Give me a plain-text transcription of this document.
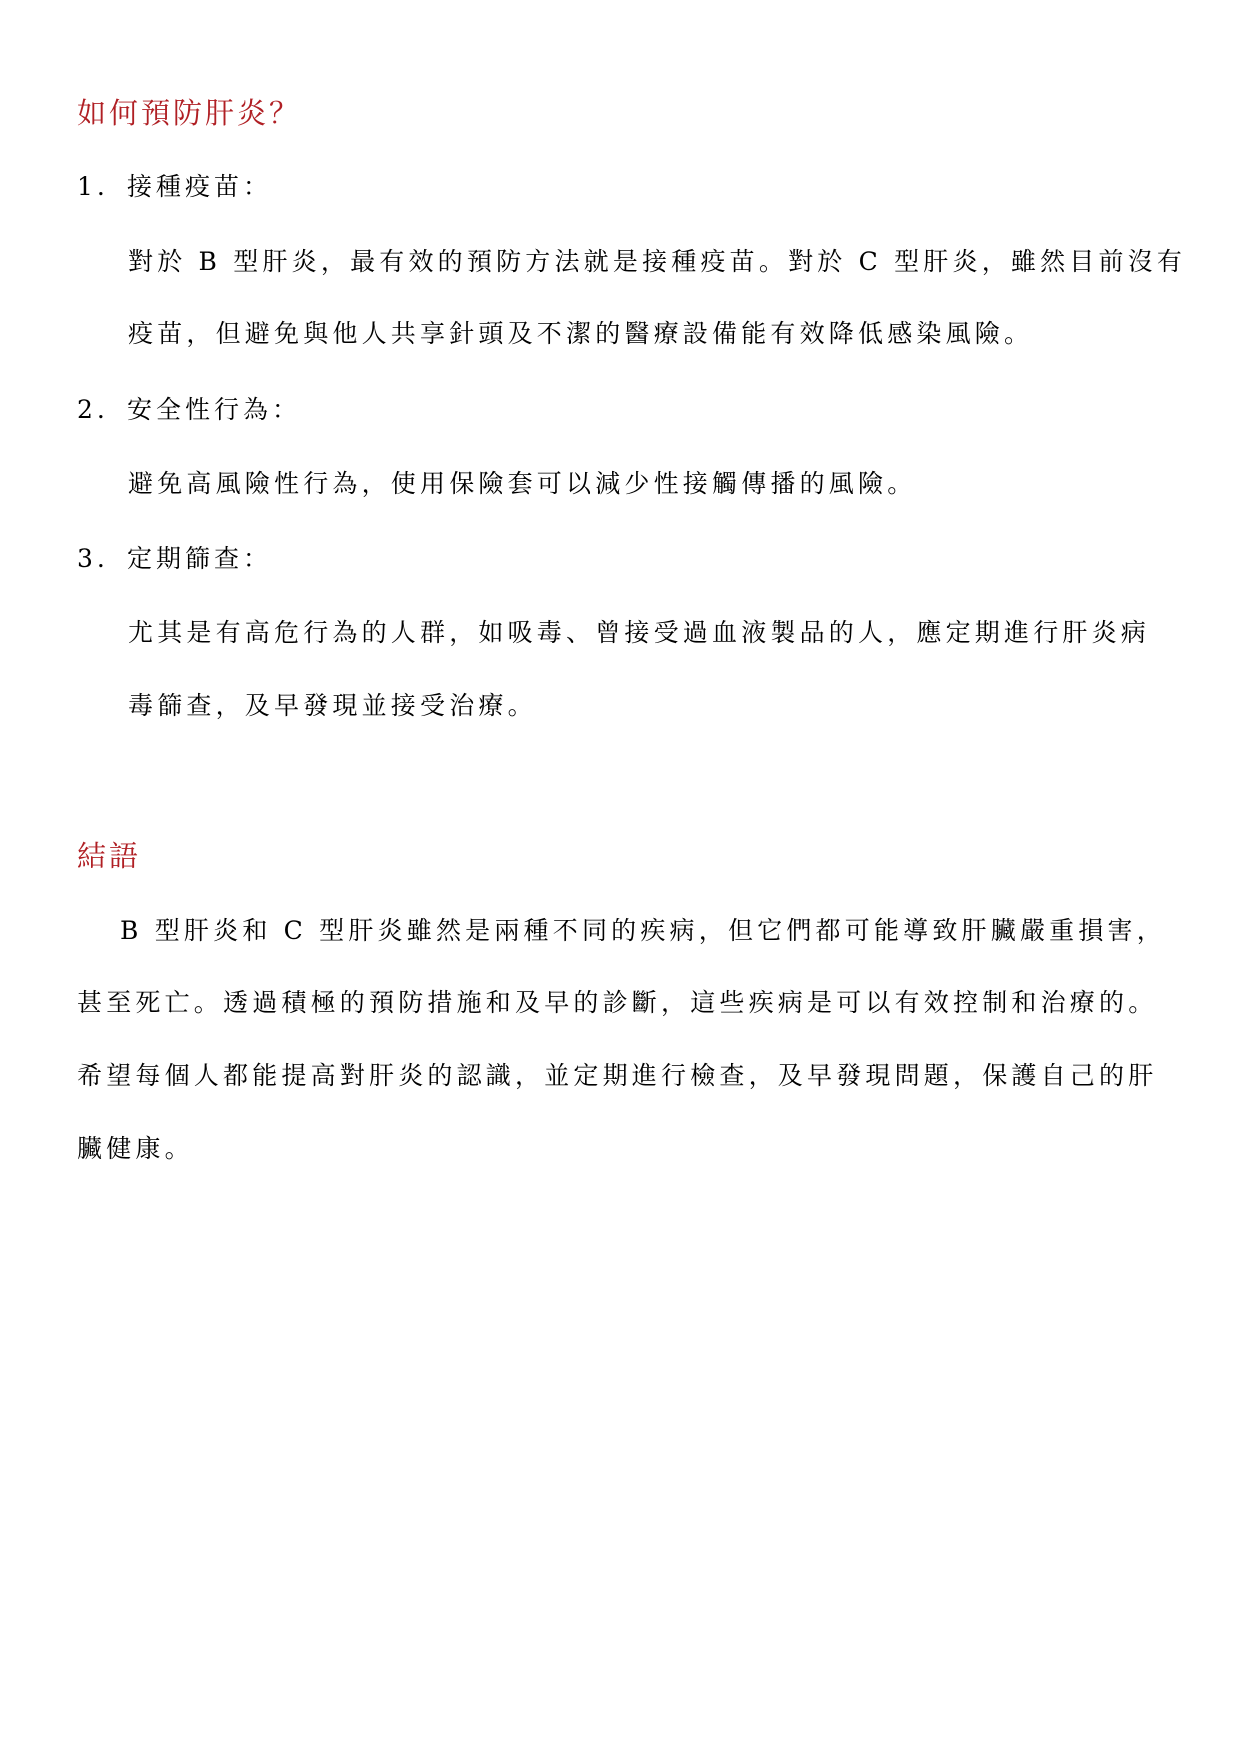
如何預防肝炎？

1. 接種疫苗：

對於 B 型肝炎，最有效的預防方法就是接種疫苗。對於 C 型肝炎，雖然目前沒有

疫苗，但避免與他人共享針頭及不潔的醫療設備能有效降低感染風險。

2. 安全性行為：

避免高風險性行為，使用保險套可以減少性接觸傳播的風險。

3. 定期篩查：

尤其是有高危行為的人群，如吸毒、曾接受過血液製品的人，應定期進行肝炎病

毒篩查，及早發現並接受治療。

結語

B 型肝炎和 C 型肝炎雖然是兩種不同的疾病，但它們都可能導致肝臟嚴重損害，

甚至死亡。透過積極的預防措施和及早的診斷，這些疾病是可以有效控制和治療的。

希望每個人都能提高對肝炎的認識，並定期進行檢查，及早發現問題，保護自己的肝

臟健康。
